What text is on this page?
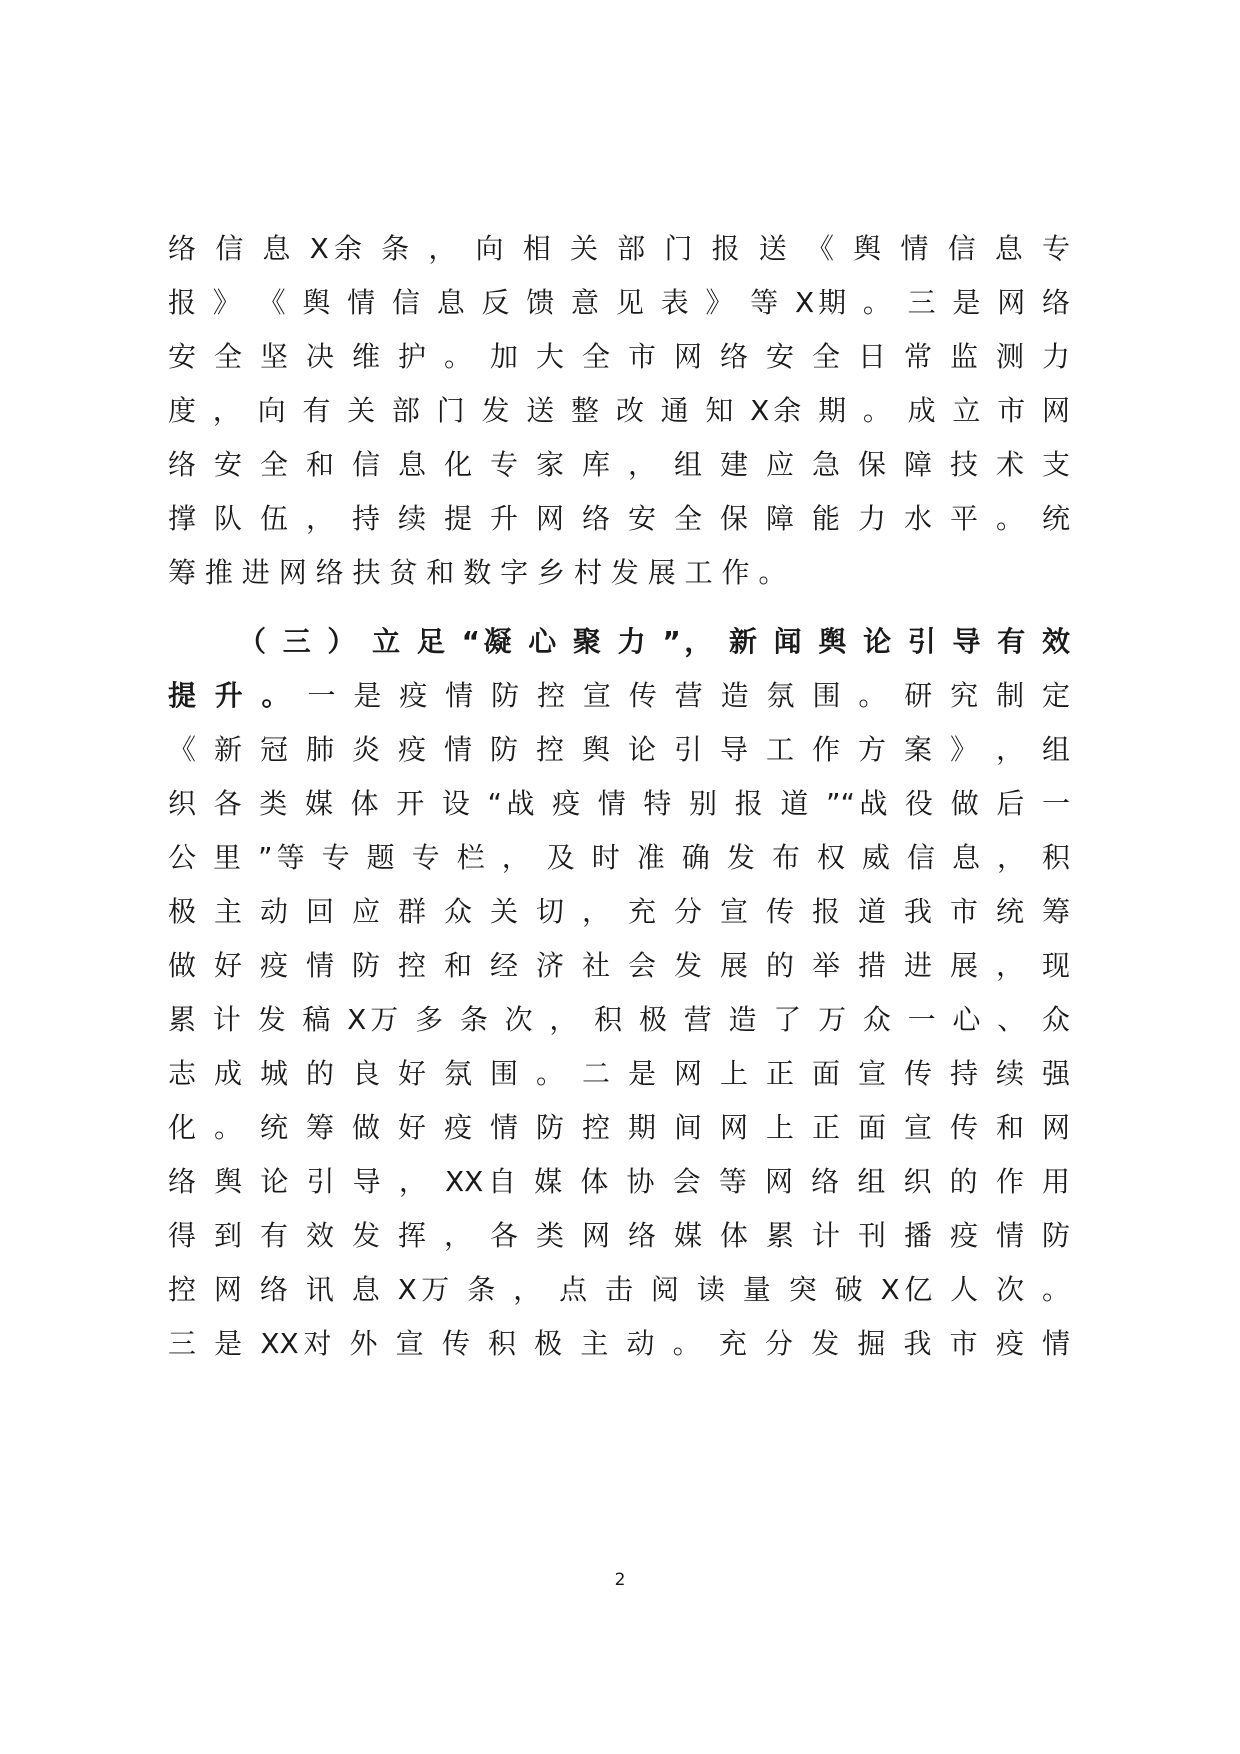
络 信 息 X余 条 ， 向 相 关 部 门 报 送 《 舆 情 信 息 专
报 》 《 舆 情 信 息 反 馈 意 见 表 》 等 X期 。 三 是 网 络
安 全 坚 决 维 护 。 加 大 全 市 网 络 安 全 日 常 监 测 力
度 ， 向 有 关 部 门 发 送 整 改 通 知 X余 期 。 成 立 市 网
络 安 全 和 信 息 化 专 家 库 ， 组 建 应 急 保 障 技 术 支
撑 队 伍 ， 持 续 提 升 网 络 安 全 保 障 能 力 水 平 。 统
筹 推 进 网 络 扶 贫 和 数 字 乡 村 发 展 工 作 。
（ 三 ） 立 足 “凝 心 聚 力 ”， 新 闻 舆 论 引 导 有 效
提 升 。 一 是 疫 情 防 控 宣 传 营 造 氛 围 。 研 究 制 定
《 新 冠 肺 炎 疫 情 防 控 舆 论 引 导 工 作 方 案 》 ， 组
织 各 类 媒 体 开 设 “战 疫 情 特 别 报 道 ”“战 役 做 后 一
公 里 ”等 专 题 专 栏 ， 及 时 准 确 发 布 权 威 信 息 ， 积
极 主 动 回 应 群 众 关 切 ， 充 分 宣 传 报 道 我 市 统 筹
做 好 疫 情 防 控 和 经 济 社 会 发 展 的 举 措 进 展 ， 现
累 计 发 稿 X万 多 条 次 ， 积 极 营 造 了 万 众 一 心 、 众
志 成 城 的 良 好 氛 围 。 二 是 网 上 正 面 宣 传 持 续 强
化 。 统 筹 做 好 疫 情 防 控 期 间 网 上 正 面 宣 传 和 网
络 舆 论 引 导 ， XX自 媒 体 协 会 等 网 络 组 织 的 作 用
得 到 有 效 发 挥 ， 各 类 网 络 媒 体 累 计 刊 播 疫 情 防
控 网 络 讯 息 X万 条 ， 点 击 阅 读 量 突 破 X亿 人 次 。
三 是 XX对 外 宣 传 积 极 主 动 。 充 分 发 掘 我 市 疫 情
2
